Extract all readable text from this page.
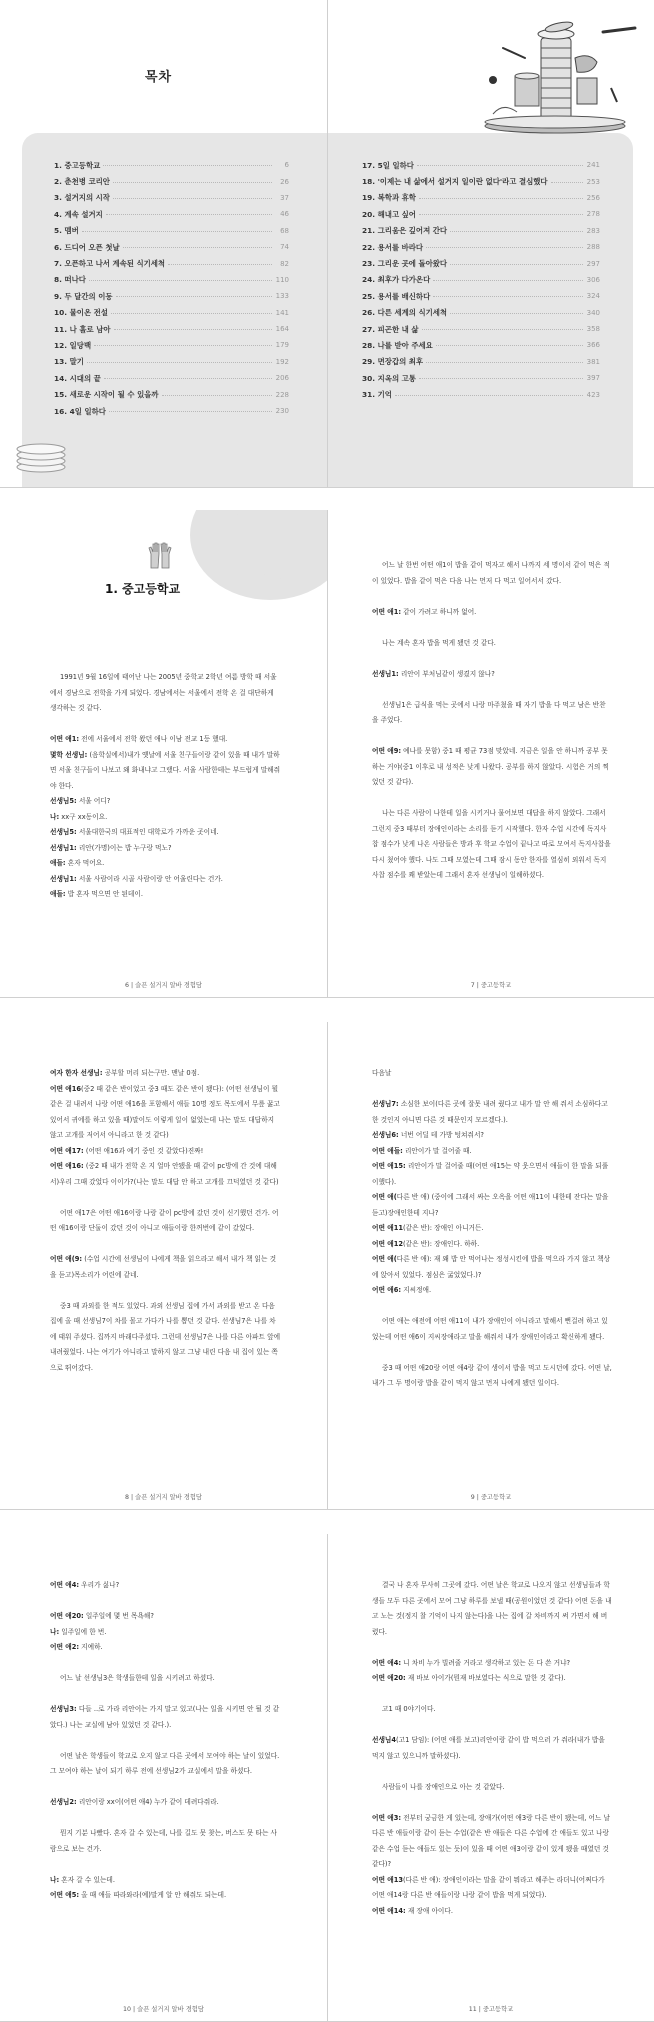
목차
1. 중고등학교	6
2. 춘천병 코리안	26
3. 설거지의 시작	37
4. 계속 설거지	46
5. 멤버	68
6. 드디어 오픈 첫날	74
7. 오픈하고 나서 계속된 식기세척	82
8. 떠나다	110
9. 두 달간의 이동	133
10. 물이온 전설	141
11. 나 홀로 남아	164
12. 일당백	179
13. 말기	192
14. 시대의 끝	206
15. 새로운 시작이 될 수 있을까	228
16. 4일 일하다	230
17. 5일 일하다	241
18. '이제는 내 삶에서 설거지 일이란 없다'라고 결심했다	253
19. 복학과 휴학	256
20. 해내고 싶어	278
21. 그리움은 깊어져 간다	283
22. 용서를 바라다	288
23. 그리운 곳에 돌아왔다	297
24. 최후가 다가온다	306
25. 용서를 배신하다	324
26. 다른 세계의 식기세척	340
27. 피곤한 내 삶	358
28. 나를 받아 주세요	366
29. 면장갑의 최후	381
30. 지옥의 고통	397
31. 기억	423
1. 중고등학교

1991년 9월 16일에 태어난 나는 2005년 중학교 2학년 여름 방학 때 서울에서 경남으로 전학을 가게 되었다. 경남에서는 서울에서 전학 온 걸 대단하게 생각하는 것 같다.

어떤 애1: 전에 서울에서 전학 왔던 애나 이남 전교 1등 했대.

몇학 선생님: (음학실에서)내가 옛날에 서울 친구들이랑 같이 있을 때 내가 말하면 서울 친구들이 나보고 왜 화내냐고 그랬다. 서울 사람한테는 부드럽게 말해줘야 한다.

선생님5: 서울 어디?

나: xx구 xx동이요.

선생님5: 서울대한국의 대표적인 대학로가 가까운 곳이네.

선생님1: 리안(가명)이는 밥 누구랑 먹노?

애들: 혼자 먹어요.

선생님1: 서울 사람이라 시골 사람이랑 안 어울린다는 건가.

애들: 밥 혼자 먹으면 안 된데이.

6 | 슬픈 설거지 알바 경험담

어느 날 한번 어떤 애1이 밥을 같이 먹자고 해서 나까지 세 명이서 같이 먹은 적이 있었다. 밥을 같이 먹은 다음 나는 먼저 다 먹고 일어서서 갔다.

어떤 애1: 같이 가려고 하니까 없어.

나는 계속 혼자 밥을 먹게 됐던 것 같다.

선생님1: 리안이 부처님같이 생겼지 않나?

선생님1은 급식을 먹는 곳에서 나랑 마주쳤을 때 자기 밥을 다 먹고 남은 반찬을 주었다.

어떤 애9: 예나를 못함) 중1 때 평균 73점 맞았네. 지금은 일을 안 하니까 공부 못하는 거야(중1 이후로 내 성적은 낮게 나왔다. 공부를 하지 않았다. 시험은 거의 찍었던 것 같다).

나는 다른 사람이 나한테 일을 시키거나 물어보면 대답을 하지 않았다. 그래서 그런지 중3 때부터 장애인이라는 소리를 듣기 시작했다. 한자 수업 시간에 독지사찹 점수가 낮게 나온 사람들은 방과 후 학교 수업이 끝나고 따로 모여서 독지사찹을 다시 쳤어야 했다. 나도 그때 모였는데 그때 잠시 동안 한자를 열심히 외워서 독지사찹 점수를 꽤 받았는데 그래서 혼자 선생님이 일해하셨다.

7 | 중고등학교

여자 한자 선생님: 공부할 머리 되는구만. 맨날 0점.

어떤 애16(중2 때 같은 반이었고 중3 때도 같은 반이 됐다): (어떤 선생님이 뭘 같은 걸 내려서 나랑 어떤 애16을 포함해서 애들 10명 정도 목도에서 무릎 꿇고 있어서 귀에를 하고 있을 때)말이도 이렇게 일이 없었는데 나는 말도 대답하지 않고 고개를 저어서 아니라고 한 것 같다)

어떤 애17: (어떤 애16과 예기 중인 것 같았다)진짜!

어떤 애16: (중2 때 내가 전학 온 지 얼마 안됐을 때 같이 pc방에 간 것에 대해서)우리 그때 갔었다 이이가?(나는 말도 대답 안 하고 고개를 끄덕였던 것 같다)

어떤 애17은 어떤 애16이랑 나랑 같이 pc방에 갔던 것이 신기했던 건가. 어떤 애16이랑 단둘이 갔던 것이 아니고 애들이랑 한꺼번에 같이 갔었다.

어떤 애(9: (수업 시간에 선생님이 나에게 책을 읽으라고 해서 내가 책 읽는 것을 듣고)목소리가 어린에 같네.

중3 때 과외를 한 적도 있었다. 과외 선생님 집에 가서 과외를 받고 온 다음 집에 올 때 선생님7이 차를 몰고 가다가 나를 뽑던 것 같다. 선생님7은 나를 차에 태워 주셨다. 집까지 바래다주셨다. 그런데 선생님7은 나를 다른 아파트 앞에 내려줬었다. 나는 여기가 아니라고 말하지 않고 그냥 내린 다음 내 집이 있는 쪽으로 뛰어갔다.

8 | 슬픈 설거지 알바 경험담

다음날

선생님7: 소심한 보이(다른 곳에 잘못 내려 줬다고 내가 말 안 해 줘서 소심하다고 한 것인지 아니면 다른 것 때문인지 모르겠다.).

선생님6: 너번 어딜 테 가방 텅쳐줘서?

어떤 애들: 리안이가 말 걸어줄 때.

어떤 애15: 리안이가 말 걸어줄 때(어떤 애15는 약 웃으면서 애들이 한 말을 되풀이했다).

어떤 애(다른 반 애) (중이에 그래서 싸는 오옥을 어떤 애11이 내한테 잔다는 말을 듣고)장애인한테 지나?

어떤 애11(같은 반): 장애인 아니거든.

어떤 애12(같은 반): 장애인다. 하하.

어떤 애(다른 반 애): 재 왜 밥 안 먹어나는 정성시킨에 밥을 먹으라 가지 않고 책상에 앉아서 있었다. 점심은 굶었었다.)?

어떤 애6: 지씨정애.

어떤 애는 애전에 어떤 애11이 내가 장애인이 아니라고 말해서 뻔걸려 하고 있었는데 어떤 애6이 지씨장애라고 말을 해줘서 내가 장애인이라고 확신하게 됐다.

중3 때 어떤 애20랑 어떤 애4랑 같이 생이서 밥을 먹고 도시던에 갔다. 어떤 날, 내가 그 두 명이랑 밥을 같이 먹지 않고 먼저 나에게 됐던 일이다.

9 | 중고등학교

어떤 애4: 우리가 싫나?

어떤 애20: 일주일에 몇 번 목욕해?

나: 일주일에 한 번.

어떤 애2: 지예하.

어느 날 선생님3은 학생들한테 일을 시키려고 하셨다.

선생님3: 다들 ..로 가라 리안이는 가지 말고 있고(나는 일을 시키면 안 될 것 같았다.) 나는 교실에 남아 있었던 것 같다.).

어떤 날은 학생들이 학교로 오지 않고 다른 곳에서 모여야 하는 날이 있었다. 그 모여야 하는 날이 되기 하루 전에 선생님2가 교실에서 말을 하셨다.

선생님2: 리안이랑 xx이(어떤 애4) 누가 같이 데려다줘라.

뭔지 기분 나빴다. 혼자 갈 수 있는데, 나를 길도 못 찾는, 버스도 못 타는 사람으로 보는 건가.

나: 혼자 갈 수 있는데.

어떤 애5: 올 때 애들 따라와라(예)말게 알 안 해줘도 되는데.

10 | 슬픈 설거지 알바 경험담

결국 나 혼자 무사히 그곳에 갔다. 어떤 날은 학교로 나오지 않고 선생님들과 학생들 모두 다른 곳에서 모여 그냥 하루를 보낼 때(공원이었던 것 같다) 어떤 돈을 내고 노는 것(정지 찰 기억이 나지 않는다)을 나는 집에 갈 차비까지 써 가면서 해 버렸다.

어떤 애4: 니 차비 누가 빌려줄 거라고 생각하고 있는 돈 다 쓴 거냐?

어떤 애20: 재 바보 아이가(뭔재 바보였다는 식으로 말한 것 같다).

고1 때 0야기이다.

선생님4(고1 담임): (어떤 애를 보고)리안이랑 같이 밥 먹으러 가 줘라(내가 밥을 먹지 않고 있으니까 말하셨다).

사람들이 나를 장애인으로 아는 것 같았다.

어떤 애3: 전부터 궁금한 게 있는데, 장애가(어떤 애3랑 다른 반이 됐는데, 어느 날 다른 반 애들이랑 같이 듣는 수업(같은 반 애들은 다른 수업에 간 애들도 있고 나랑 같은 수업 듣는 애들도 있는 듯)이 있을 때 어떤 애3이랑 같이 있게 됐을 때였던 것 같다)?

어떤 애13(다른 반 애): 장애인이라는 말을 같이 뭐라고 해주는 라더니(어쩌다가 어떤 애14랑 다른 반 애들이랑 나랑 같이 밥을 먹게 되었다).

어떤 애14: 재 장애 아이다.

11 | 중고등학교
